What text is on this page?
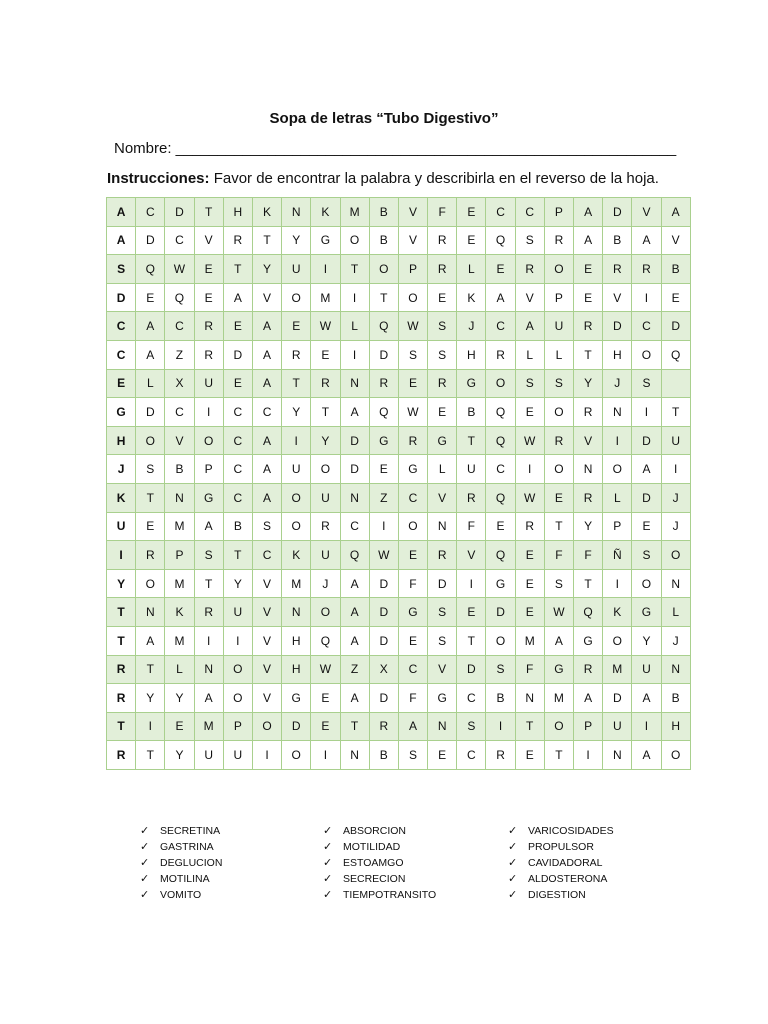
Sopa de letras “Tubo Digestivo”
Nombre: ____________________________________________________________
Instrucciones: Favor de encontrar la palabra y describirla en el reverso de la hoja.
A	C	D	T	H	K	N	K	M	B	V	F	E	C	C	P	A	D	V	A
A	D	C	V	R	T	Y	G	O	B	V	R	E	Q	S	R	A	B	A	V
S	Q	W	E	T	Y	U	I	T	O	P	R	L	E	R	O	E	R	R	B
D	E	Q	E	A	V	O	M	I	T	O	E	K	A	V	P	E	V	I	E
C	A	C	R	E	A	E	W	L	Q	W	S	J	C	A	U	R	D	C	D
C	A	Z	R	D	A	R	E	I	D	S	S	H	R	L	L	T	H	O	Q
E	L	X	U	E	A	T	R	N	R	E	R	G	O	S	S	Y	J	S	
G	D	C	I	C	C	Y	T	A	Q	W	E	B	Q	E	O	R	N	I	T
H	O	V	O	C	A	I	Y	D	G	R	G	T	Q	W	R	V	I	D	U
J	S	B	P	C	A	U	O	D	E	G	L	U	C	I	O	N	O	A	I
K	T	N	G	C	A	O	U	N	Z	C	V	R	Q	W	E	R	L	D	J
U	E	M	A	B	S	O	R	C	I	O	N	F	E	R	T	Y	P	E	J
I	R	P	S	T	C	K	U	Q	W	E	R	V	Q	E	F	F	Ñ	S	O
Y	O	M	T	Y	V	M	J	A	D	F	D	I	G	E	S	T	I	O	N
T	N	K	R	U	V	N	O	A	D	G	S	E	D	E	W	Q	K	G	L
T	A	M	I	I	V	H	Q	A	D	E	S	T	O	M	A	G	O	Y	J
R	T	L	N	O	V	H	W	Z	X	C	V	D	S	F	G	R	M	U	N
R	Y	Y	A	O	V	G	E	A	D	F	G	C	B	N	M	A	D	A	B
T	I	E	M	P	O	D	E	T	R	A	N	S	I	T	O	P	U	I	H
R	T	Y	U	U	I	O	I	N	B	S	E	C	R	E	T	I	N	A	O
✓ SECRETINA
✓ GASTRINA
✓ DEGLUCION
✓ MOTILINA
✓ VOMITO
✓ ABSORCION
✓ MOTILIDAD
✓ ESTOAMGO
✓ SECRECION
✓ TIEMPOTRANSITO
✓ VARICOSIDADES
✓ PROPULSOR
✓ CAVIDADORAL
✓ ALDOSTERONA
✓ DIGESTION
